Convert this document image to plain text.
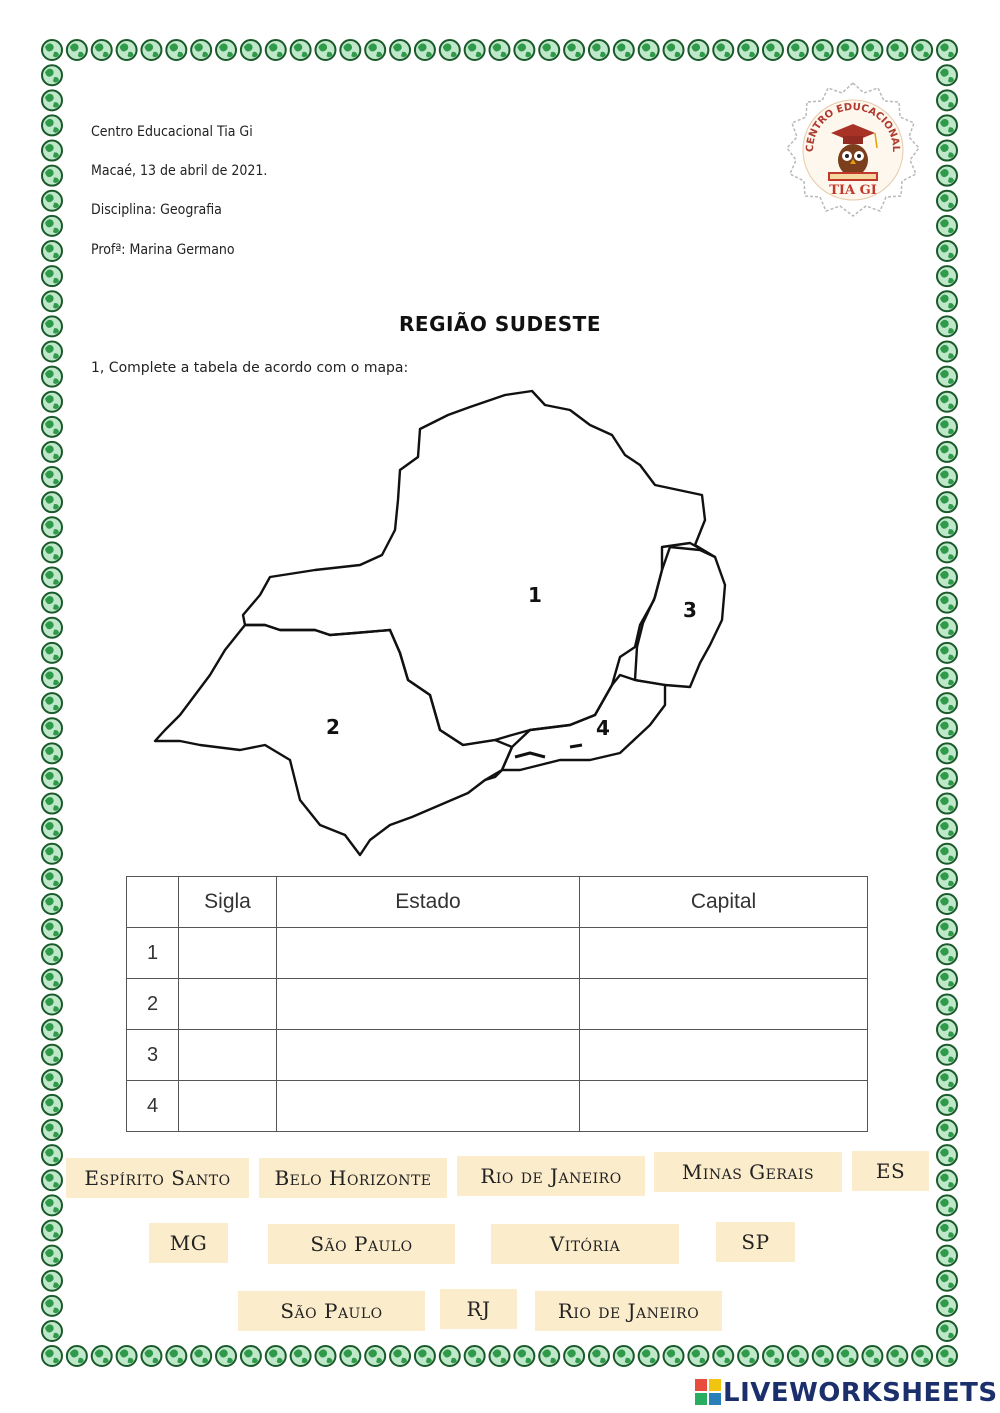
Centro Educacional Tia Gi
Macaé, 13 de abril de 2021.
Disciplina: Geografia
Profª: Marina Germano
CENTRO EDUCACIONAL
TIA GI
REGIÃO SUDESTE
1, Complete a tabela de acordo com o mapa:
1
2
3
4
	Sigla	Estado	Capital
1			
2			
3			
4			
Espírito Santo	Belo Horizonte	Rio de Janeiro	Minas Gerais	ES
MG	São Paulo	Vitória	SP
São Paulo	RJ	Rio de Janeiro
LIVEWORKSHEETS
